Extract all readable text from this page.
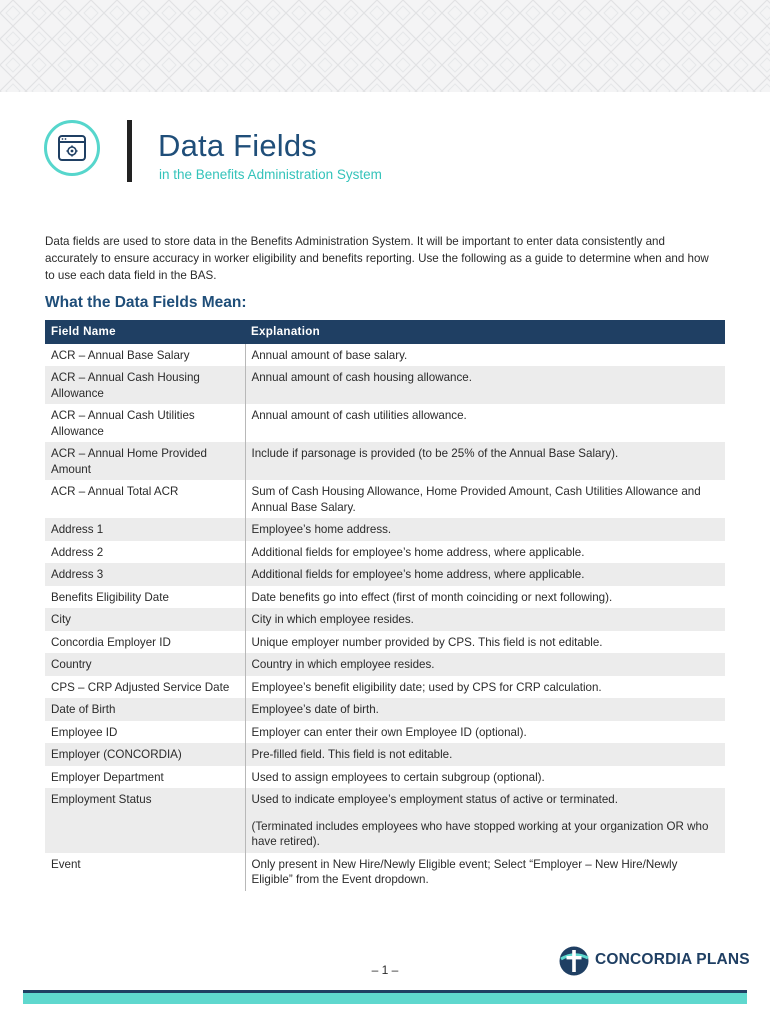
Data Fields

in the Benefits Administration System

Data fields are used to store data in the Benefits Administration System. It will be important to enter data consistently and accurately to ensure accuracy in worker eligibility and benefits reporting. Use the following as a guide to determine when and how to use each data field in the BAS.

What the Data Fields Mean:
Field Name	Explanation
ACR – Annual Base Salary	Annual amount of base salary.
ACR – Annual Cash Housing Allowance	Annual amount of cash housing allowance.
ACR – Annual Cash Utilities Allowance	Annual amount of cash utilities allowance.
ACR – Annual Home Provided Amount	Include if parsonage is provided (to be 25% of the Annual Base Salary).
ACR – Annual Total ACR	Sum of Cash Housing Allowance, Home Provided Amount, Cash Utilities Allowance and Annual Base Salary.
Address 1	Employee’s home address.
Address 2	Additional fields for employee’s home address, where applicable.
Address 3	Additional fields for employee’s home address, where applicable.
Benefits Eligibility Date	Date benefits go into effect (first of month coinciding or next following).
City	City in which employee resides.
Concordia Employer ID	Unique employer number provided by CPS. This field is not editable.
Country	Country in which employee resides.
CPS – CRP Adjusted Service Date	Employee’s benefit eligibility date; used by CPS for CRP calculation.
Date of Birth	Employee’s date of birth.
Employee ID	Employer can enter their own Employee ID (optional).
Employer (CONCORDIA)	Pre-filled field. This field is not editable.
Employer Department	Used to assign employees to certain subgroup (optional).
Employment Status	Used to indicate employee’s employment status of active or terminated.
(Terminated includes employees who have stopped working at your organization OR who have retired).

Event	Only present in New Hire/Newly Eligible event; Select “Employer – New Hire/Newly Eligible” from the Event dropdown.
– 1 –
CONCORDIA PLANS
